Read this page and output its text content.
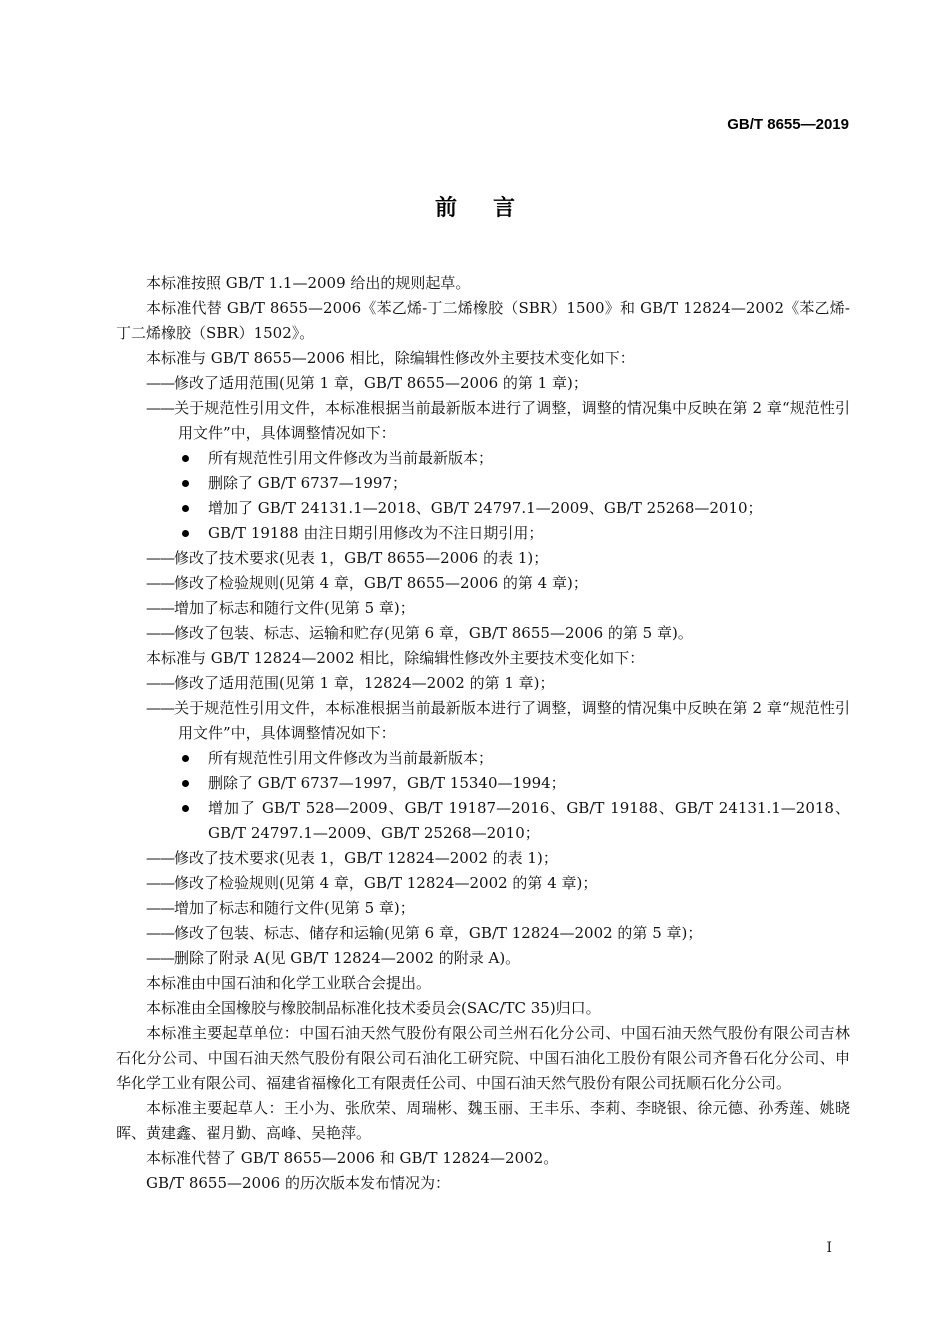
GB/T 8655—2019
前言

本标准按照 GB/T 1.1—2009 给出的规则起草。

本标准代替 GB/T 8655—2006《苯乙烯-丁二烯橡胶（SBR）1500》和 GB/T 12824—2002《苯乙烯-丁二烯橡胶（SBR）1502》。

本标准与 GB/T 8655—2006 相比，除编辑性修改外主要技术变化如下：

——修改了适用范围(见第 1 章，GB/T 8655—2006 的第 1 章)；

——关于规范性引用文件，本标准根据当前最新版本进行了调整，调整的情况集中反映在第 2 章“规范性引用文件”中，具体调整情况如下：

所有规范性引用文件修改为当前最新版本；
删除了 GB/T 6737—1997；
增加了 GB/T 24131.1—2018、GB/T 24797.1—2009、GB/T 25268—2010；
GB/T 19188 由注日期引用修改为不注日期引用；

——修改了技术要求(见表 1，GB/T 8655—2006 的表 1)；

——修改了检验规则(见第 4 章，GB/T 8655—2006 的第 4 章)；

——增加了标志和随行文件(见第 5 章)；

——修改了包装、标志、运输和贮存(见第 6 章，GB/T 8655—2006 的第 5 章)。

本标准与 GB/T 12824—2002 相比，除编辑性修改外主要技术变化如下：

——修改了适用范围(见第 1 章，12824—2002 的第 1 章)；

——关于规范性引用文件，本标准根据当前最新版本进行了调整，调整的情况集中反映在第 2 章“规范性引用文件”中，具体调整情况如下：

所有规范性引用文件修改为当前最新版本；
删除了 GB/T 6737—1997，GB/T 15340—1994；
增加了 GB/T 528—2009、GB/T 19187—2016、GB/T 19188、GB/T 24131.1—2018、GB/T 24797.1—2009、GB/T 25268—2010；

——修改了技术要求(见表 1，GB/T 12824—2002 的表 1)；

——修改了检验规则(见第 4 章，GB/T 12824—2002 的第 4 章)；

——增加了标志和随行文件(见第 5 章)；

——修改了包装、标志、储存和运输(见第 6 章，GB/T 12824—2002 的第 5 章)；

——删除了附录 A(见 GB/T 12824—2002 的附录 A)。

本标准由中国石油和化学工业联合会提出。

本标准由全国橡胶与橡胶制品标准化技术委员会(SAC/TC 35)归口。

本标准主要起草单位：中国石油天然气股份有限公司兰州石化分公司、中国石油天然气股份有限公司吉林石化分公司、中国石油天然气股份有限公司石油化工研究院、中国石油化工股份有限公司齐鲁石化分公司、申华化学工业有限公司、福建省福橡化工有限责任公司、中国石油天然气股份有限公司抚顺石化分公司。

本标准主要起草人：王小为、张欣荣、周瑞彬、魏玉丽、王丰乐、李莉、李晓银、徐元德、孙秀莲、姚晓晖、黄建鑫、翟月勤、高峰、吴艳萍。

本标准代替了 GB/T 8655—2006 和 GB/T 12824—2002。

GB/T 8655—2006 的历次版本发布情况为：

I
